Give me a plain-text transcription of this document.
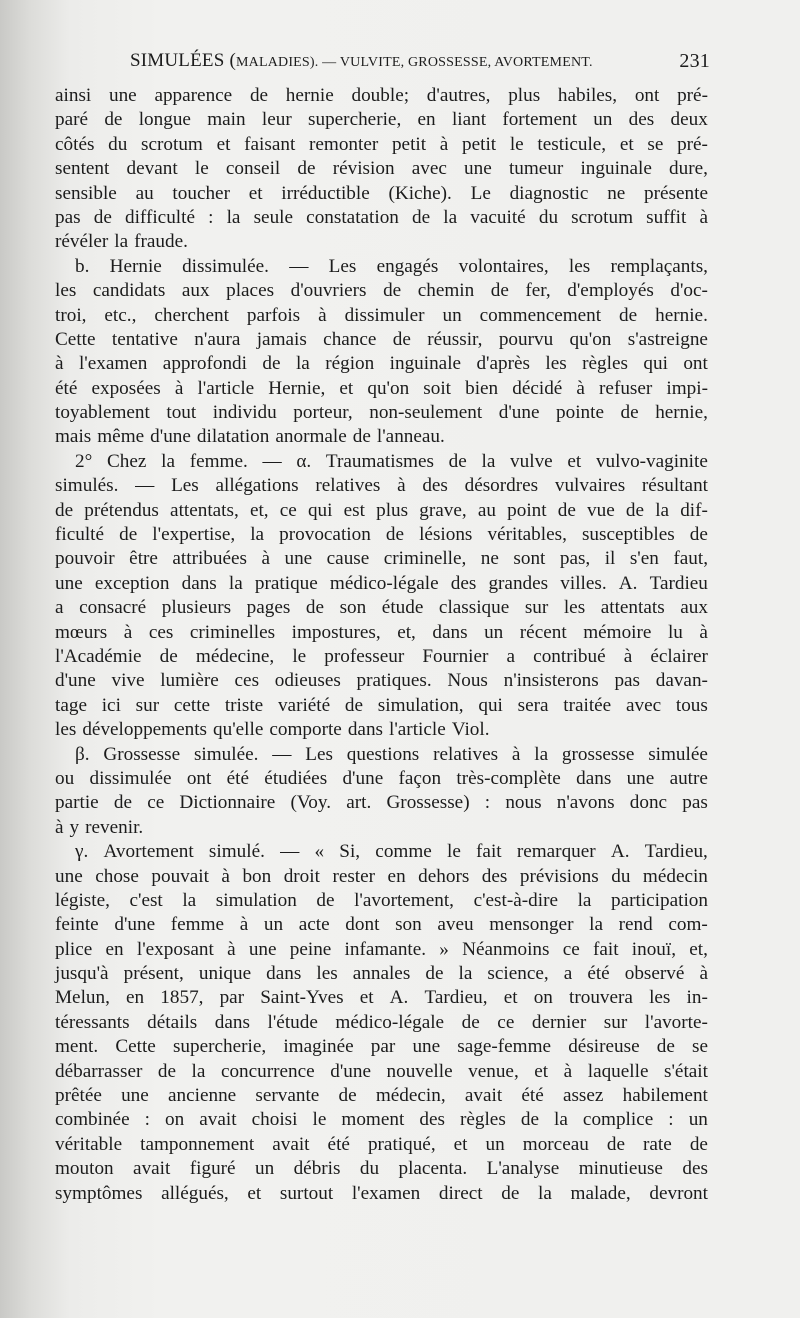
SIMULÉES (MALADIES). — VULVITE, GROSSESSE, AVORTEMENT.	231
ainsi une apparence de hernie double; d'autres, plus habiles, ont pré-
paré de longue main leur supercherie, en liant fortement un des deux
côtés du scrotum et faisant remonter petit à petit le testicule, et se pré-
sentent devant le conseil de révision avec une tumeur inguinale dure,
sensible au toucher et irréductible (Kiche). Le diagnostic ne présente
pas de difficulté : la seule constatation de la vacuité du scrotum suffit à
révéler la fraude.
b. Hernie dissimulée. — Les engagés volontaires, les remplaçants,
les candidats aux places d'ouvriers de chemin de fer, d'employés d'oc-
troi, etc., cherchent parfois à dissimuler un commencement de hernie.
Cette tentative n'aura jamais chance de réussir, pourvu qu'on s'astreigne
à l'examen approfondi de la région inguinale d'après les règles qui ont
été exposées à l'article Hernie, et qu'on soit bien décidé à refuser impi-
toyablement tout individu porteur, non-seulement d'une pointe de hernie,
mais même d'une dilatation anormale de l'anneau.
2° Chez la femme. — α. Traumatismes de la vulve et vulvo-vaginite
simulés. — Les allégations relatives à des désordres vulvaires résultant
de prétendus attentats, et, ce qui est plus grave, au point de vue de la dif-
ficulté de l'expertise, la provocation de lésions véritables, susceptibles de
pouvoir être attribuées à une cause criminelle, ne sont pas, il s'en faut,
une exception dans la pratique médico-légale des grandes villes. A. Tardieu
a consacré plusieurs pages de son étude classique sur les attentats aux
mœurs à ces criminelles impostures, et, dans un récent mémoire lu à
l'Académie de médecine, le professeur Fournier a contribué à éclairer
d'une vive lumière ces odieuses pratiques. Nous n'insisterons pas davan-
tage ici sur cette triste variété de simulation, qui sera traitée avec tous
les développements qu'elle comporte dans l'article Viol.
β. Grossesse simulée. — Les questions relatives à la grossesse simulée
ou dissimulée ont été étudiées d'une façon très-complète dans une autre
partie de ce Dictionnaire (Voy. art. Grossesse) : nous n'avons donc pas
à y revenir.
γ. Avortement simulé. — « Si, comme le fait remarquer A. Tardieu,
une chose pouvait à bon droit rester en dehors des prévisions du médecin
légiste, c'est la simulation de l'avortement, c'est-à-dire la participation
feinte d'une femme à un acte dont son aveu mensonger la rend com-
plice en l'exposant à une peine infamante. » Néanmoins ce fait inouï, et,
jusqu'à présent, unique dans les annales de la science, a été observé à
Melun, en 1857, par Saint-Yves et A. Tardieu, et on trouvera les in-
téressants détails dans l'étude médico-légale de ce dernier sur l'avorte-
ment. Cette supercherie, imaginée par une sage-femme désireuse de se
débarrasser de la concurrence d'une nouvelle venue, et à laquelle s'était
prêtée une ancienne servante de médecin, avait été assez habilement
combinée : on avait choisi le moment des règles de la complice : un
véritable tamponnement avait été pratiqué, et un morceau de rate de
mouton avait figuré un débris du placenta. L'analyse minutieuse des
symptômes allégués, et surtout l'examen direct de la malade, devront
